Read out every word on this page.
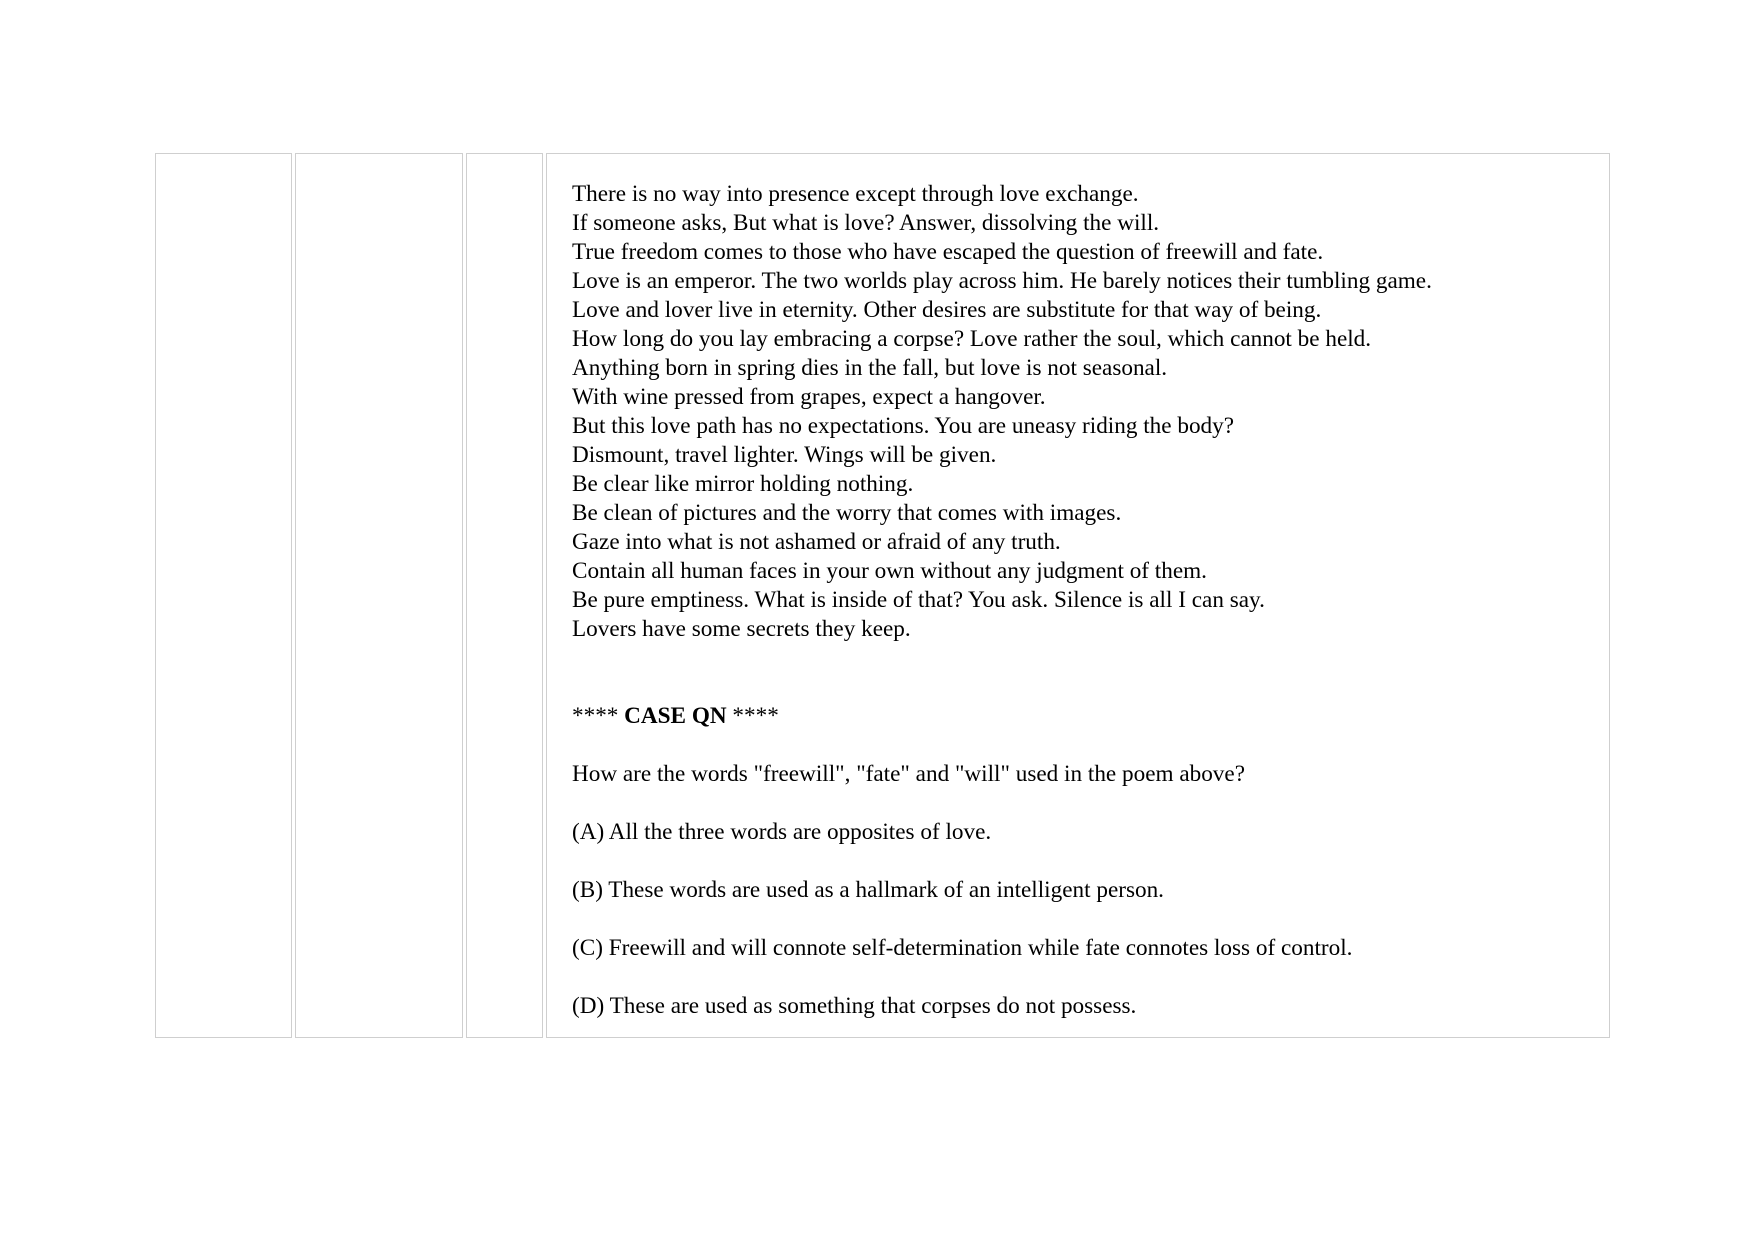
There is no way into presence except through love exchange.
If someone asks, But what is love? Answer, dissolving the will.
True freedom comes to those who have escaped the question of freewill and fate.
Love is an emperor. The two worlds play across him. He barely notices their tumbling game.
Love and lover live in eternity. Other desires are substitute for that way of being.
How long do you lay embracing a corpse? Love rather the soul, which cannot be held.
Anything born in spring dies in the fall, but love is not seasonal.
With wine pressed from grapes, expect a hangover.
But this love path has no expectations. You are uneasy riding the body?
Dismount, travel lighter. Wings will be given.
Be clear like mirror holding nothing.
Be clean of pictures and the worry that comes with images.
Gaze into what is not ashamed or afraid of any truth.
Contain all human faces in your own without any judgment of them.
Be pure emptiness. What is inside of that? You ask. Silence is all I can say.
Lovers have some secrets they keep.
**** CASE QN ****
How are the words "freewill", "fate" and "will" used in the poem above?
(A) All the three words are opposites of love.
(B) These words are used as a hallmark of an intelligent person.
(C) Freewill and will connote self-determination while fate connotes loss of control.
(D) These are used as something that corpses do not possess.
